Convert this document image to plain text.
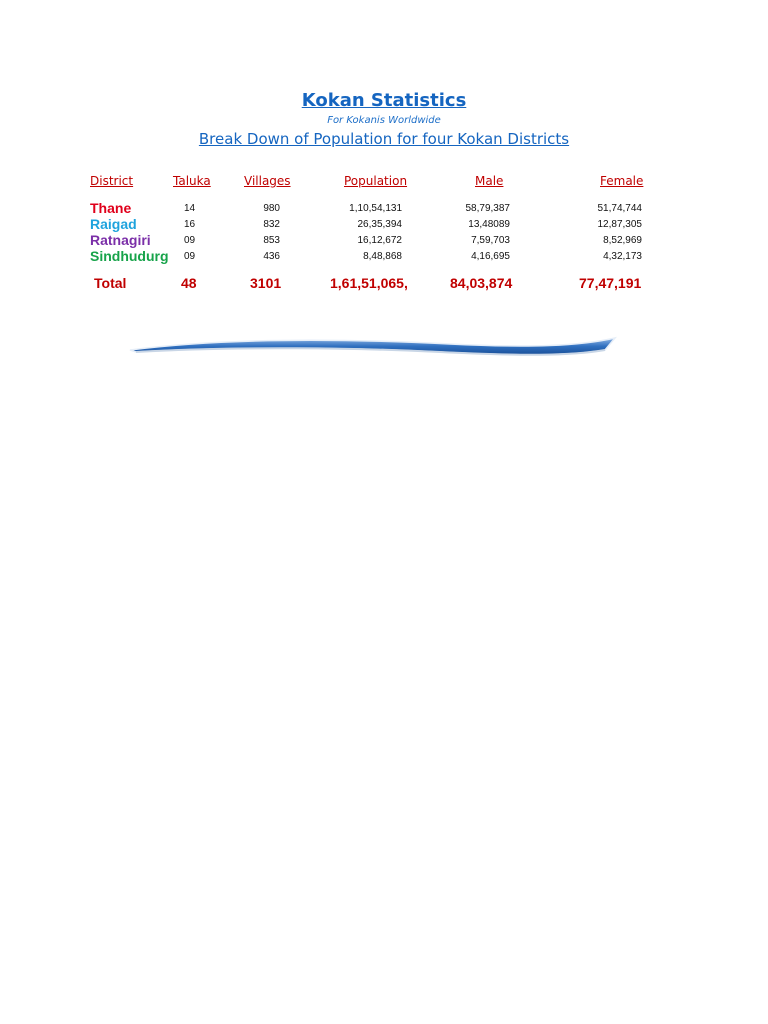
Kokan Statistics
For Kokanis Worldwide
Break Down of Population for four Kokan Districts
District	Taluka	Villages	Population	Male	Female
Thane	14	980	1,10,54,131	58,79,387	51,74,744
Raigad	16	832	26,35,394	13,48089	12,87,305
Ratnagiri	09	853	16,12,672	7,59,703	8,52,969
Sindhudurg 09	436	8,48,868	4,16,695	4,32,173
Total	48	3101	1,61,51,065,	84,03,874	77,47,191
